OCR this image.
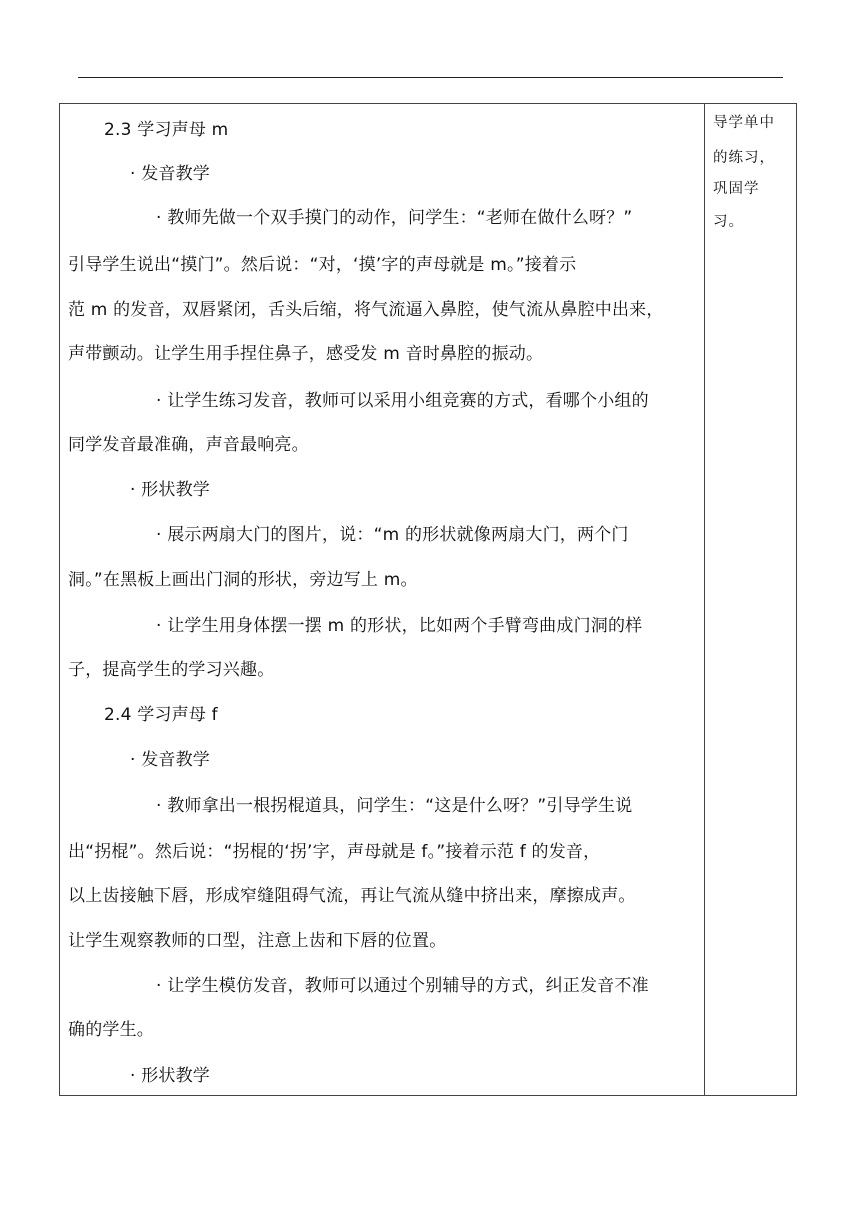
2.3 学习声母 m
· 发音教学
· 教师先做一个双手摸门的动作，问学生：“老师在做什么呀？”
引导学生说出“摸门”。然后说：“对，‘摸’字的声母就是 m。”接着示
范 m 的发音，双唇紧闭，舌头后缩，将气流逼入鼻腔，使气流从鼻腔中出来，
声带颤动。让学生用手捏住鼻子，感受发 m 音时鼻腔的振动。
· 让学生练习发音，教师可以采用小组竞赛的方式，看哪个小组的
同学发音最准确，声音最响亮。
· 形状教学
· 展示两扇大门的图片，说：“m 的形状就像两扇大门，两个门
洞。”在黑板上画出门洞的形状，旁边写上 m。
· 让学生用身体摆一摆 m 的形状，比如两个手臂弯曲成门洞的样
子，提高学生的学习兴趣。
2.4 学习声母 f
· 发音教学
· 教师拿出一根拐棍道具，问学生：“这是什么呀？”引导学生说
出“拐棍”。然后说：“拐棍的‘拐’字，声母就是 f。”接着示范 f 的发音，
以上齿接触下唇，形成窄缝阻碍气流，再让气流从缝中挤出来，摩擦成声。
让学生观察教师的口型，注意上齿和下唇的位置。
· 让学生模仿发音，教师可以通过个别辅导的方式，纠正发音不准
确的学生。
· 形状教学
导学单中
的练习，
巩固学
习。
